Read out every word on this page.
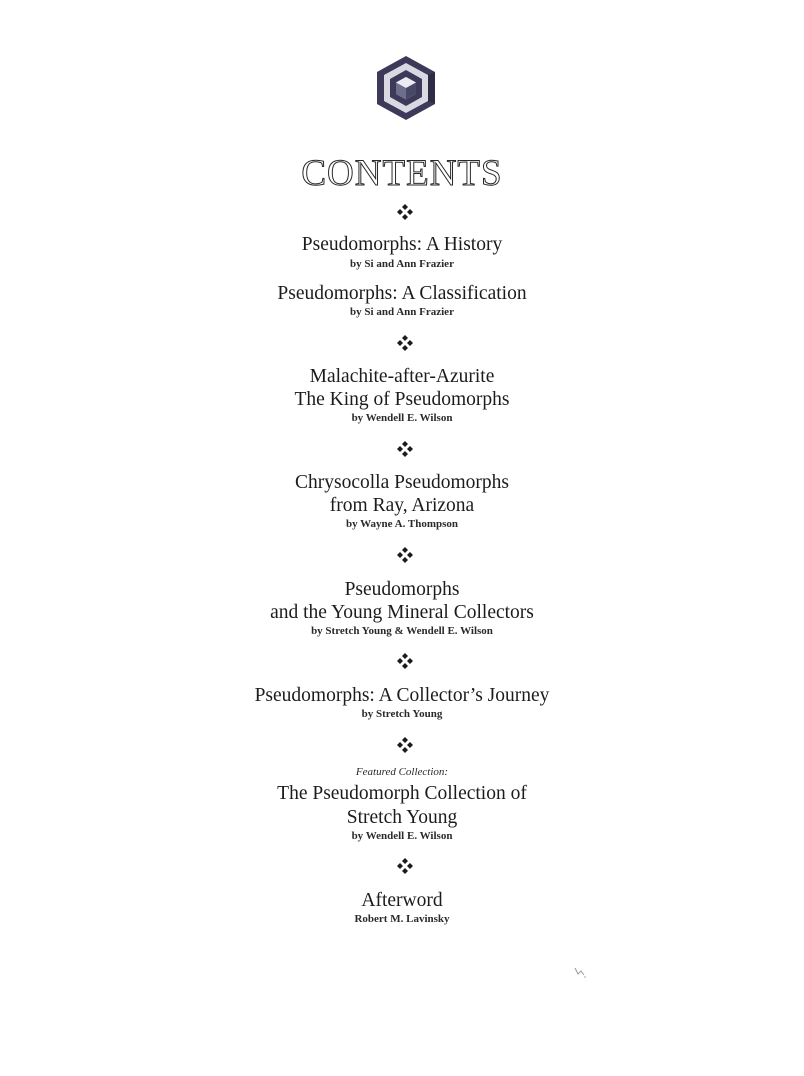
CONTENTS
Pseudomorphs: A History
by Si and Ann Frazier
Pseudomorphs: A Classification
by Si and Ann Frazier
Malachite-after-Azurite
The King of Pseudomorphs
by Wendell E. Wilson
Chrysocolla Pseudomorphs
from Ray, Arizona
by Wayne A. Thompson
Pseudomorphs
and the Young Mineral Collectors
by Stretch Young & Wendell E. Wilson
Pseudomorphs: A Collector’s Journey
by Stretch Young
Featured Collection:
The Pseudomorph Collection of
Stretch Young
by Wendell E. Wilson
Afterword
Robert M. Lavinsky
